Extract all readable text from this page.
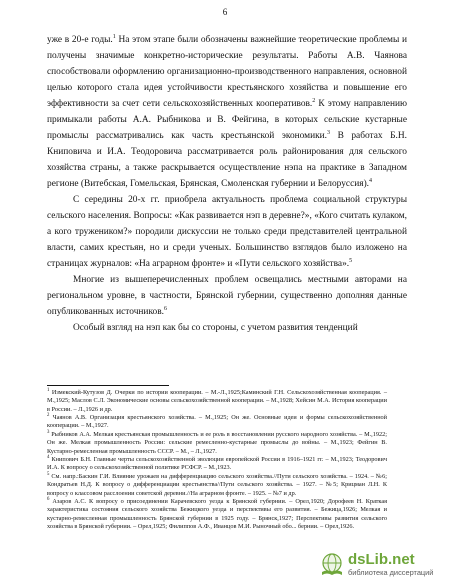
6

уже в 20-е годы.$^1$ На этом этапе были обозначены важнейшие теоретические проблемы и получены значимые конкретно-исторические результаты. Работы А.В. Чаянова способствовали оформлению организационно-производственного направления, основной целью которого стала идея устойчивости крестьянского хозяйства и повышение его эффективности за счет сети сельскохозяйственных кооперативов.$^2$ К этому направлению примыкали работы А.А. Рыбникова и В. Фейгина, в которых сельские кустарные промыслы рассматривались как часть крестьянской экономики.$^3$ В работах Б.Н. Книповича и И.А. Теодоровича рассматривается роль районирования для сельского хозяйства страны, а также раскрывается осуществление нэпа на практике в Западном регионе (Витебская, Гомельская, Брянская, Смоленская губернии и Белоруссия).$^4$

С середины 20-х гг. приобрела актуальность проблема социальной структуры сельского населения. Вопросы: «Как развивается нэп в деревне?», «Кого считать кулаком, а кого тружеником?» породили дискуссии не только среди представителей центральной власти, самих крестьян, но и среди ученых. Большинство взглядов было изложено на страницах журналов: «На аграрном фронте» и «Пути сельского хозяйства».$^5$

Многие из вышеперечисленных проблем освещались местными авторами на региональном уровне, в частности, Брянской губернии, существенно дополняя данные опубликованных источников.$^6$

Особый взгляд на нэп как бы со стороны, с учетом развития тенденций

$^1$ Измекский-Кутузов Д. Очерки по истории кооперации. – М.-Л.,1925;Каминский Г.Н. Сельскохозяйственная кооперация. – М.,1925; Маслов С.Л. Экономические основы сельскохозяйственной кооперации. – М.,1928; Хейсин М.А. История кооперации в России. – Л.,1926 и др.

$^2$ Чаянов А.В. Организация крестьянского хозяйства. – М.,1925; Он же. Основные идеи и формы сельскохозяйственной кооперации. – М.,1927.

$^3$ Рыбников А.А. Мелкая крестьянская промышленность и ее роль в восстановлении русского народного хозяйства. – М.,1922; Он же. Мелкая промышленность России: сельские ремесленно-кустарные промыслы до войны. – М.,1923; Фейгин В. Кустарно-ремесленная промышленность СССР. – М., – Л.,1927.

$^4$ Книпович Б.Н. Главные черты сельскохозяйственной эволюции европейской России в 1916–1921 гг. – М.,1923; Теодорович И.А. К вопросу о сельскохозяйственной политике РСФСР. – М.,1923.

$^5$ См. напр.:Баскин Г.И. Влияние урожаев на дифференциацию сельского хозяйства.//Пути сельского хозяйства. – 1924. – №6; Кондратьев Н.Д. К вопросу о дифференциации крестьянства//Пути сельского хозяйства. – 1927. – №5; Крицман Л.Н. К вопросу о классовом расслоении советской деревни.//На аграрном фронте. – 1925. – №7 и др.

$^6$ Азаров А.С. К вопросу о присоединении Карачевского уезда к Брянской губернии. – Орел,1920; Дорофеев Н. Краткая характеристика состояния сельского хозяйства Бежицкого уезда и перспективы его развития. – Бежица,1926; Мелкая и кустарно-ремесленная промышленность Брянской губернии в 1925 году. – Брянск,1927; Перспективы развития сельского хозяйства в Брянской губернии. – Орел,1925; Филиппов А.Ф., Иванцов М.И. Рыночный обо... бернии. – Орел,1926.

dsLib.net
библиотека диссертаций
